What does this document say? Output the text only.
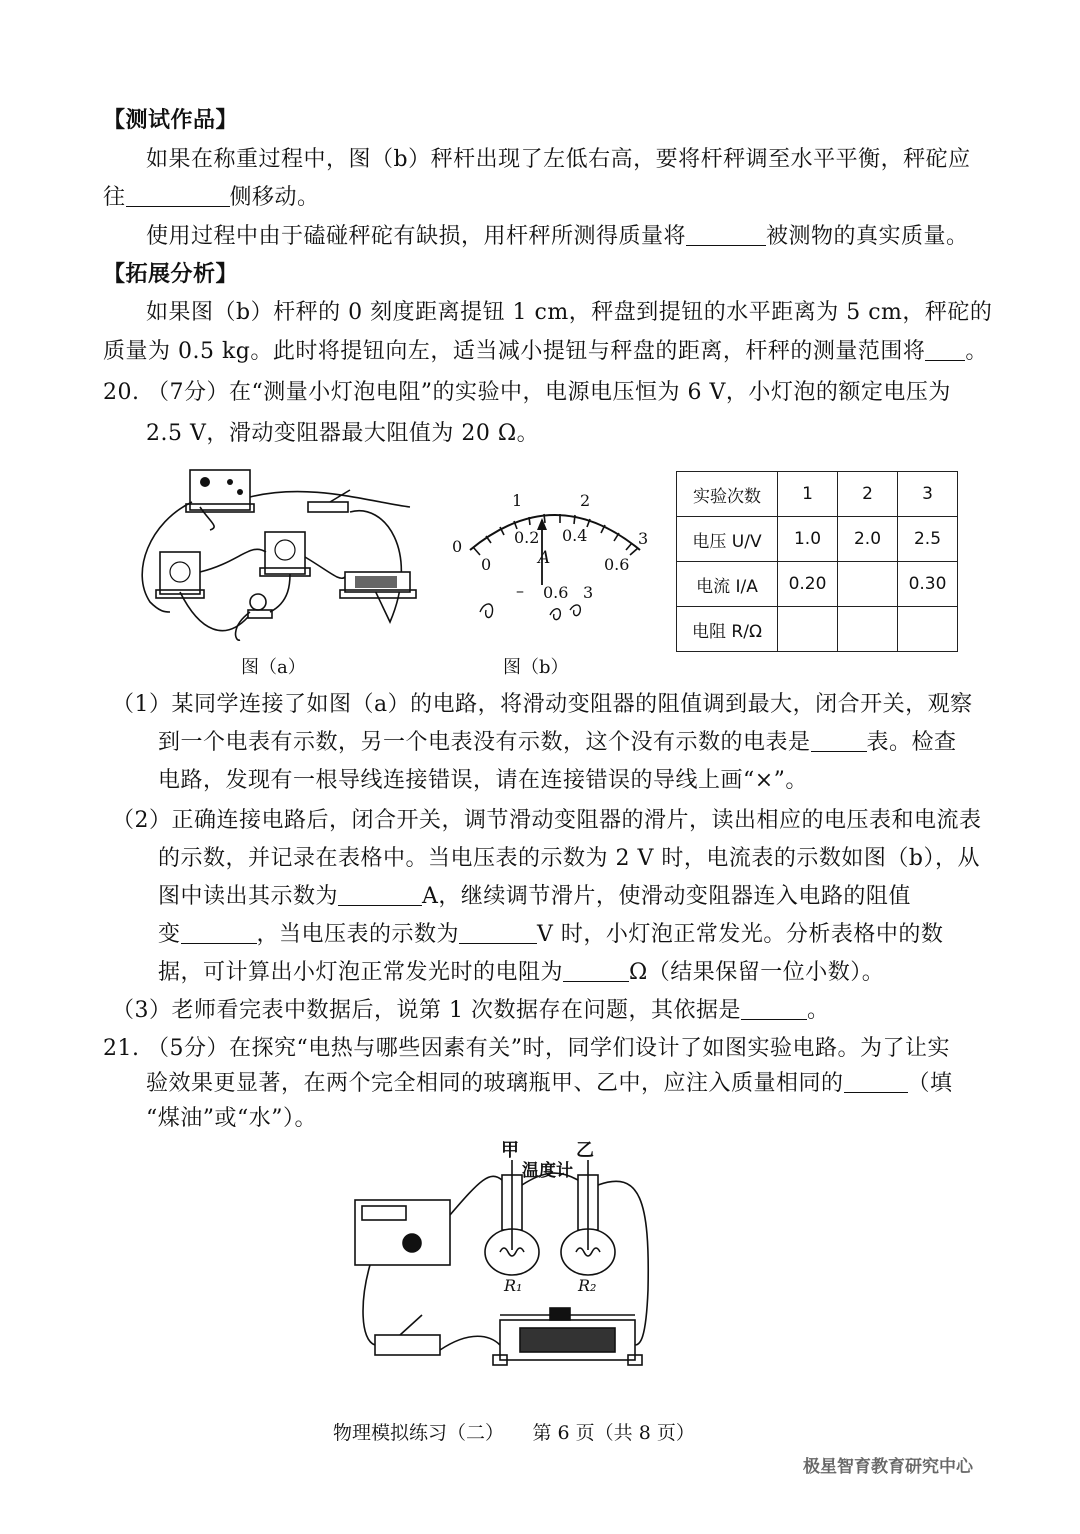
【测试作品】
如果在称重过程中，图（b）秤杆出现了左低右高，要将杆秤调至水平平衡，秤砣应
往	侧移动。
使用过程中由于磕碰秤砣有缺损，用杆秤所测得质量将	被测物的真实质量。
【拓展分析】
如果图（b）杆秤的 0 刻度距离提钮 1 cm，秤盘到提钮的水平距离为 5 cm，秤砣的
质量为 0.5 kg。此时将提钮向左，适当减小提钮与秤盘的距离，杆秤的测量范围将 。
20. （7分）在“测量小灯泡电阻”的实验中，电源电压恒为 6 V，小灯泡的额定电压为
2.5 V，滑动变阻器最大阻值为 20 Ω。
图（a）
1	2
0	3
0.2 0.4
0	0.6
A
– 0.6 3
图（b）
实验次数	1	2	3
电压 U/V	1.0	2.0	2.5
电流 I/A	0.20		0.30
电阻 R/Ω			
（1）某同学连接了如图（a）的电路，将滑动变阻器的阻值调到最大，闭合开关，观察
到一个电表有示数，另一个电表没有示数，这个没有示数的电表是	表。检查
电路，发现有一根导线连接错误，请在连接错误的导线上画“×”。
（2）正确连接电路后，闭合开关，调节滑动变阻器的滑片，读出相应的电压表和电流表
的示数，并记录在表格中。当电压表的示数为 2 V 时，电流表的示数如图（b），从
图中读出其示数为	A，继续调节滑片，使滑动变阻器连入电路的阻值
变	，当电压表的示数为	V 时，小灯泡正常发光。分析表格中的数
据，可计算出小灯泡正常发光时的电阻为	Ω（结果保留一位小数）。
（3）老师看完表中数据后，说第 1 次数据存在问题，其依据是	。
21. （5分）在探究“电热与哪些因素有关”时，同学们设计了如图实验电路。为了让实
验效果更显著，在两个完全相同的玻璃瓶甲、乙中，应注入质量相同的	（填
“煤油”或“水”）。
甲	乙
温度计
R₁	R₂
物理模拟练习（二）　　第 6 页（共 8 页）
极星智育教育研究中心
